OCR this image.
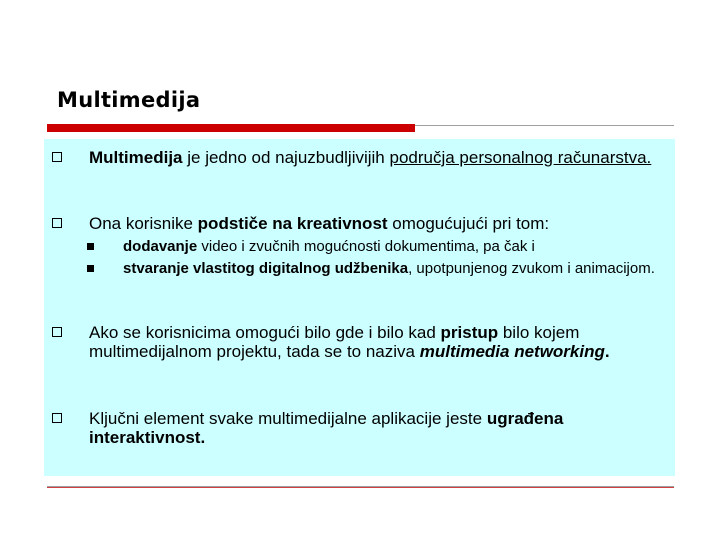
Multimedija
Multimedija je jedno od najuzbudljivijih područja personalnog računarstva.
Ona korisnike podstiče na kreativnost omogućujući pri tom:
dodavanje video i zvučnih mogućnosti dokumentima, pa čak i
stvaranje vlastitog digitalnog udžbenika, upotpunjenog zvukom i animacijom.
Ako se korisnicima omogući bilo gde i bilo kad pristup bilo kojem multimedijalnom projektu, tada se to naziva multimedia networking.
Ključni element svake multimedijalne aplikacije jeste ugrađena interaktivnost.
